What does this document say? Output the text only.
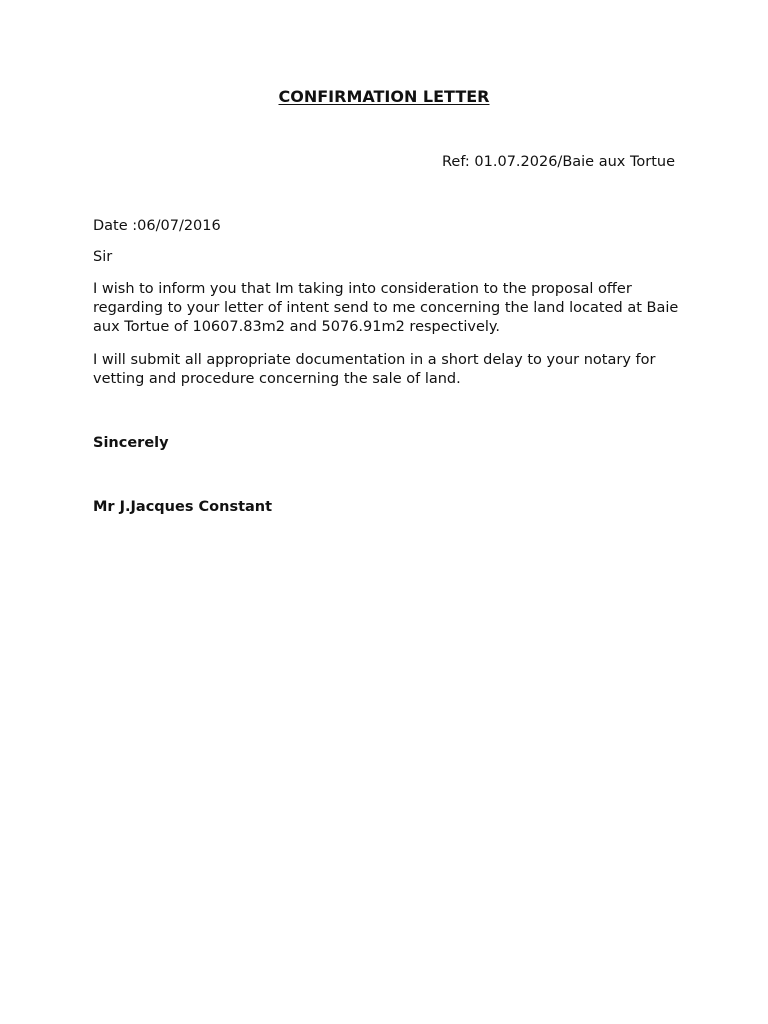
CONFIRMATION LETTER
Ref: 01.07.2026/Baie aux Tortue
Date :06/07/2016
Sir

I wish to inform you that Im taking into consideration to the proposal offer regarding to your letter of intent send to me concerning the land located at Baie aux Tortue of 10607.83m2 and 5076.91m2 respectively.

I will submit all appropriate documentation in a short delay to your notary for vetting and procedure concerning the sale of land.

Sincerely
Mr J.Jacques Constant
